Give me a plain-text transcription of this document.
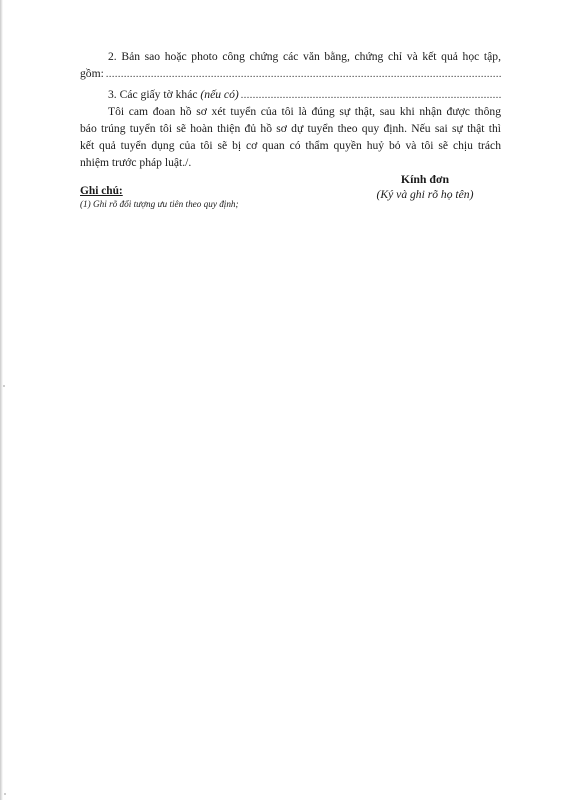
2. Bản sao hoặc photo công chứng các văn bằng, chứng chỉ và kết quả học tập,

gồm:
.....
3. Các giấy tờ khác
(nếu có)
.....

Tôi cam đoan hồ sơ xét tuyển của tôi là đúng sự thật, sau khi nhận được thông

báo trúng tuyển tôi sẽ hoàn thiện đủ hồ sơ dự tuyển theo quy định. Nếu sai sự thật thì

kết quả tuyển dụng của tôi sẽ bị cơ quan có thẩm quyền huỷ bỏ và tôi sẽ chịu trách

nhiệm trước pháp luật./.

Kính đơn
(Ký và ghi rõ họ tên)
Ghi chú:
(1) Ghi rõ đối tượng ưu tiên theo quy định;
